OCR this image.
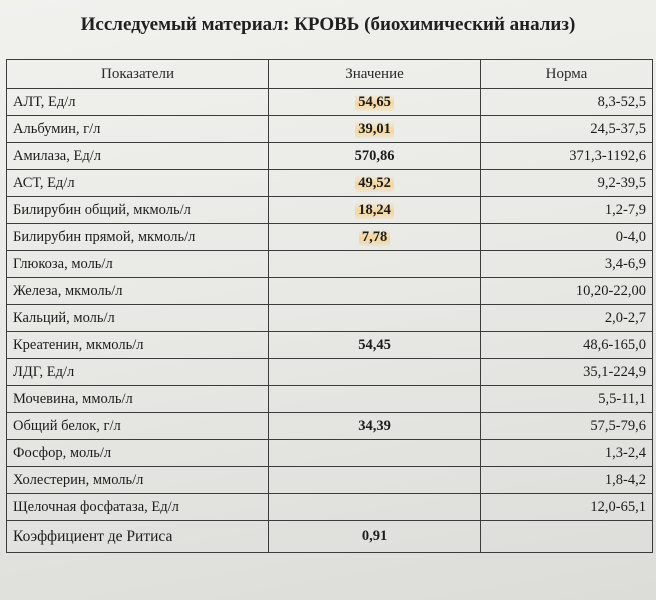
Исследуемый материал: КРОВЬ (биохимический анализ)
Показатели	Значение	Норма
АЛТ, Ед/л	54,65	8,3-52,5
Альбумин, г/л	39,01	24,5-37,5
Амилаза, Ед/л	570,86	371,3-1192,6
АСТ, Ед/л	49,52	9,2-39,5
Билирубин общий, мкмоль/л	18,24	1,2-7,9
Билирубин прямой, мкмоль/л	7,78	0-4,0
Глюкоза, моль/л		3,4-6,9
Железа, мкмоль/л		10,20-22,00
Кальций, моль/л		2,0-2,7
Креатенин, мкмоль/л	54,45	48,6-165,0
ЛДГ, Ед/л		35,1-224,9
Мочевина, ммоль/л		5,5-11,1
Общий белок, г/л	34,39	57,5-79,6
Фосфор, моль/л		1,3-2,4
Холестерин, ммоль/л		1,8-4,2
Щелочная фосфатаза, Ед/л		12,0-65,1
Коэффициент де Ритиса	0,91	
